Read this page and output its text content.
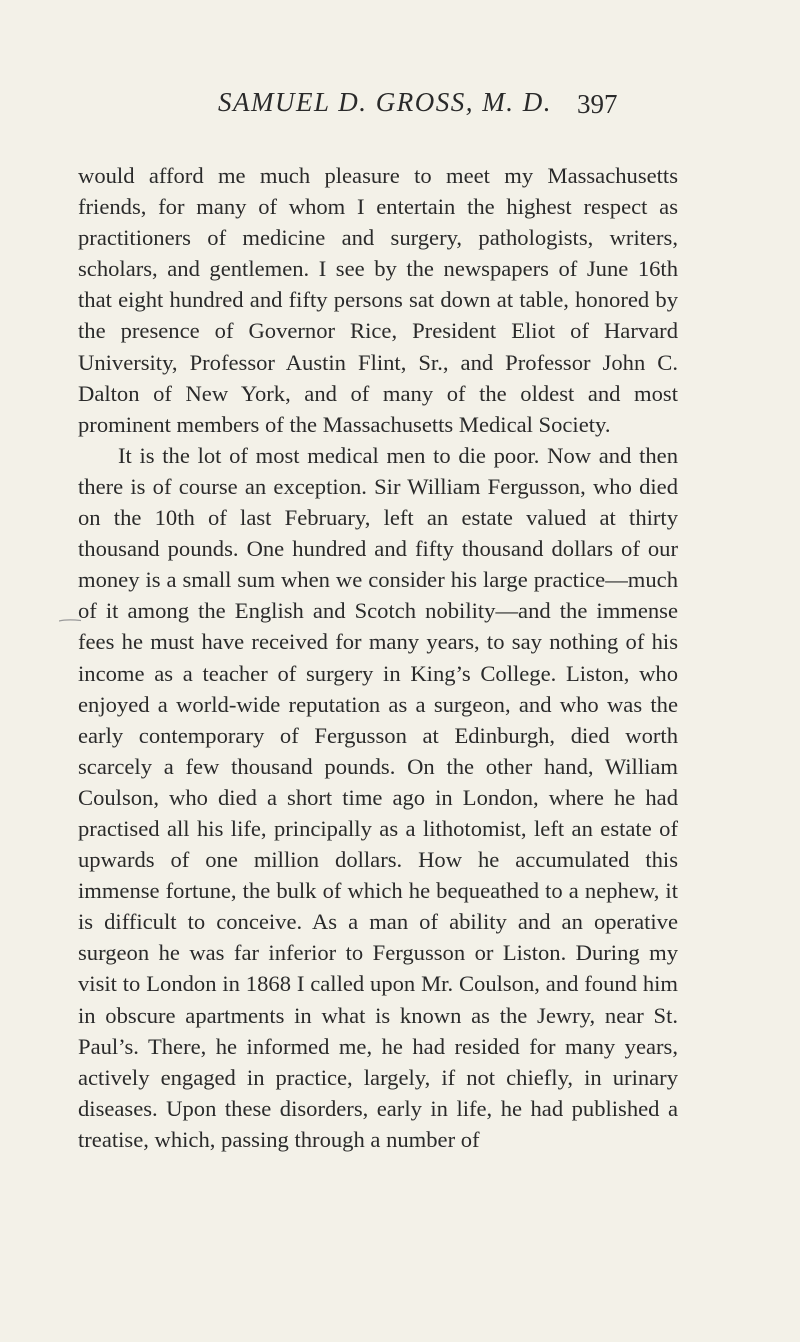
SAMUEL D. GROSS, M. D. 397

would afford me much pleasure to meet my Massachusetts friends, for many of whom I entertain the highest respect as practitioners of medicine and surgery, pathologists, writers, scholars, and gentlemen. I see by the newspapers of June 16th that eight hundred and fifty persons sat down at table, honored by the presence of Governor Rice, President Eliot of Harvard University, Professor Austin Flint, Sr., and Professor John C. Dalton of New York, and of many of the oldest and most prominent members of the Massachusetts Medical Society.

It is the lot of most medical men to die poor. Now and then there is of course an exception. Sir William Fergusson, who died on the 10th of last February, left an estate valued at thirty thousand pounds. One hundred and fifty thousand dollars of our money is a small sum when we consider his large practice—much of it among the English and Scotch nobility—and the immense fees he must have received for many years, to say nothing of his income as a teacher of surgery in King’s College. Liston, who enjoyed a world-wide reputation as a surgeon, and who was the early contemporary of Fergusson at Edinburgh, died worth scarcely a few thousand pounds. On the other hand, William Coulson, who died a short time ago in London, where he had practised all his life, principally as a lithotomist, left an estate of upwards of one million dollars. How he accumulated this immense fortune, the bulk of which he bequeathed to a nephew, it is difficult to conceive. As a man of ability and an operative surgeon he was far inferior to Fergusson or Liston. During my visit to London in 1868 I called upon Mr. Coulson, and found him in obscure apartments in what is known as the Jewry, near St. Paul’s. There, he informed me, he had resided for many years, actively engaged in practice, largely, if not chiefly, in urinary diseases. Upon these disorders, early in life, he had published a treatise, which, passing through a number of
